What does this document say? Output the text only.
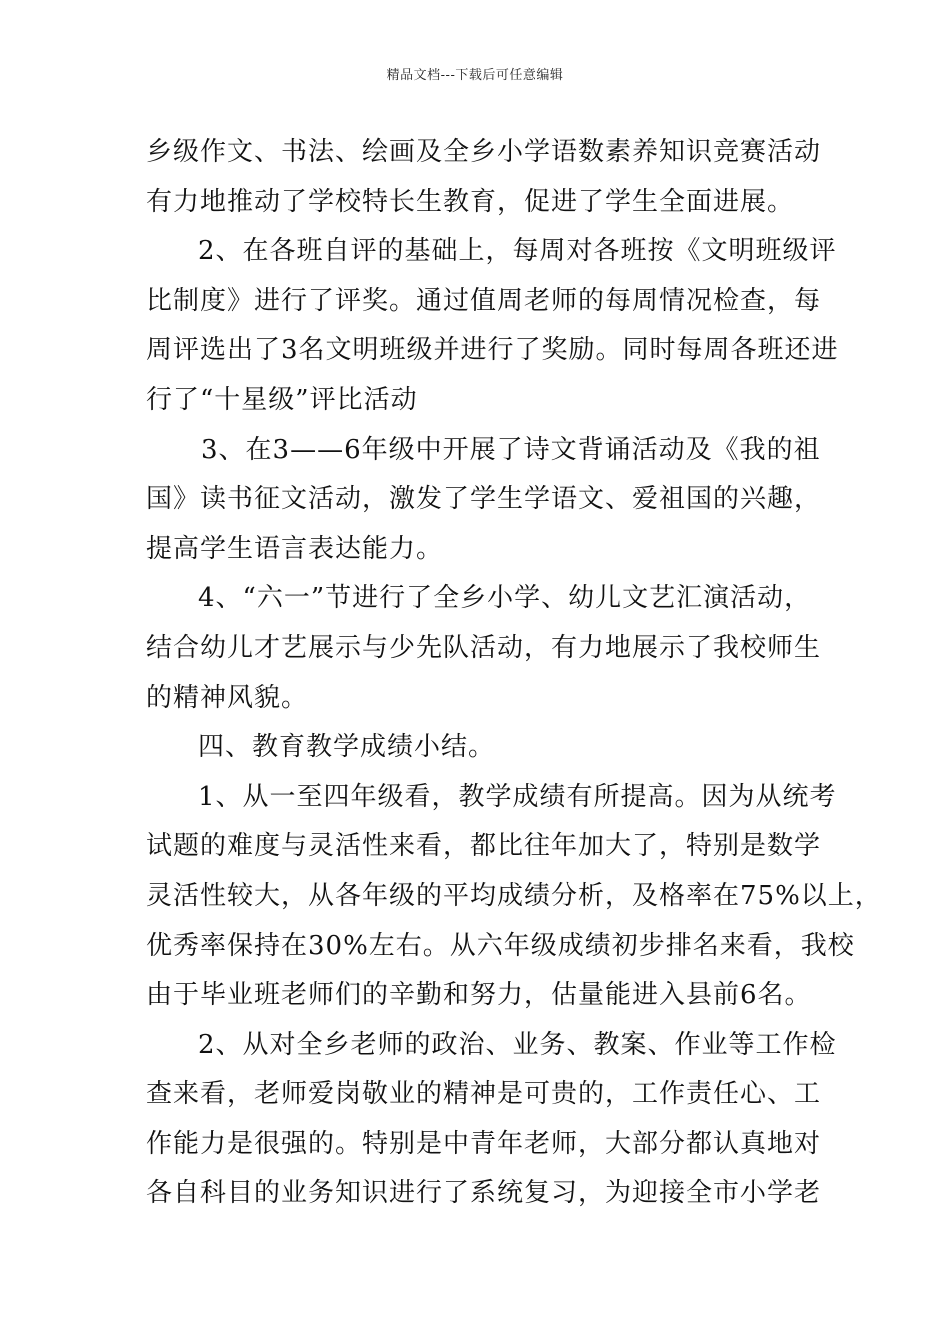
精品文档---下载后可任意编辑
乡级作文、书法、绘画及全乡小学语数素养知识竞赛活动
有力地推动了学校特长生教育，促进了学生全面进展。
2、在各班自评的基础上，每周对各班按《文明班级评
比制度》进行了评奖。通过值周老师的每周情况检查，每
周评选出了3名文明班级并进行了奖励。同时每周各班还进
行了“十星级”评比活动
3、在3——6年级中开展了诗文背诵活动及《我的祖
国》读书征文活动，激发了学生学语文、爱祖国的兴趣，
提高学生语言表达能力。
4、“六一”节进行了全乡小学、幼儿文艺汇演活动，
结合幼儿才艺展示与少先队活动，有力地展示了我校师生
的精神风貌。
四、教育教学成绩小结。
1、从一至四年级看，教学成绩有所提高。因为从统考
试题的难度与灵活性来看，都比往年加大了，特别是数学
灵活性较大，从各年级的平均成绩分析，及格率在75%以上，
优秀率保持在30%左右。从六年级成绩初步排名来看，我校
由于毕业班老师们的辛勤和努力，估量能进入县前6名。
2、从对全乡老师的政治、业务、教案、作业等工作检
查来看，老师爱岗敬业的精神是可贵的，工作责任心、工
作能力是很强的。特别是中青年老师，大部分都认真地对
各自科目的业务知识进行了系统复习，为迎接全市小学老
